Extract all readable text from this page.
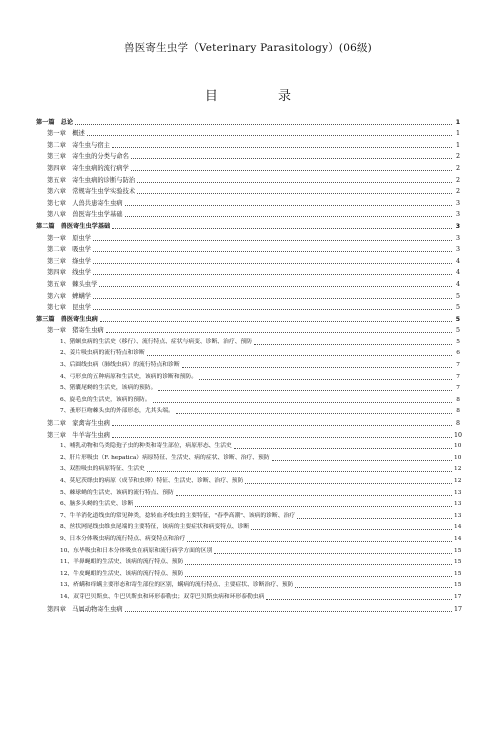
兽医寄生虫学（Veterinary Parasitology）(06级)
目 录
第一篇　总论	1
第一章　概述	1
第二章　寄生虫与宿主	1
第三章　寄生虫的分类与命名	2
第四章　寄生虫病的流行病学	2
第五章　寄生虫病的诊断与防治	2
第六章　常规寄生虫学实验技术	2
第七章　人兽共患寄生虫病	3
第八章　兽医寄生虫学基础	3
第二篇　兽医寄生虫学基础	3
第一章　原虫学	3
第二章　吸虫学	3
第三章　绦虫学	4
第四章　线虫学	4
第五章　棘头虫学	4
第六章　蜱螨学	5
第七章　昆虫学	5
第三篇　兽医寄生虫病	5
第一章　猪寄生虫病	5
1、猪蛔虫病的生活史（移行）、流行特点、症状与病变、诊断、治疗、预防	5
2、姜片吸虫病的流行特点和诊断	6
3、后圆线虫病（肺线虫病）的流行特点和诊断	7
4、弓形虫的五种病原和生活史，该病的诊断和预防。	7
5、猪囊尾蚴的生活史，该病的预防。	7
6、旋毛虫的生活史，该病的预防。	8
7、蚤形巨吻棘头虫的外部形态，尤其头端。	8
第二章　家禽寄生虫病	8
第三章　牛羊寄生虫病	10
1、哺乳动物和鸟类隐孢子虫的种类和寄生部位，病原形态、生活史	10
2、肝片形吸虫（F. hepatica）病原特征、生活史、病的症状、诊断、治疗、预防	10
3、双腔吸虫的病原特征、生活史	12
4、莫尼茨绦虫的病原（成节和虫卵）特征、生活史、诊断、治疗、预防	12
5、棘球蚴的生活史、该病的流行特点、预防	13
6、脑多头蚴的生活史、诊断	13
7、牛羊消化道线虫的常见种类，捻转血矛线虫的主要特征，"春季高潮"、该病的诊断、治疗	13
8、丝状网尾线虫维虫尾端的主要特征，该病的主要症状和病变特点、诊断	14
9、日本分体吸虫病的流行特点、病变特点和治疗	14
10、东毕吸虫和日本分体吸虫在病原和流行病学方面的区别	15
11、羊鼻蝇蛆的生活史、该病的流行特点、预防	15
12、牛皮蝇蛆的生活史、该病的流行特点、预防	15
13、疥螨和痒螨主要形态和寄生部位的区别，螨病的流行特点、主要症状、诊断治疗、预防	15
14、双芽巴贝斯虫、牛巴贝斯虫和环形泰勒虫；双芽巴贝斯虫病和环形泰勒虫病	17
第四章　马属动物寄生虫病	17
